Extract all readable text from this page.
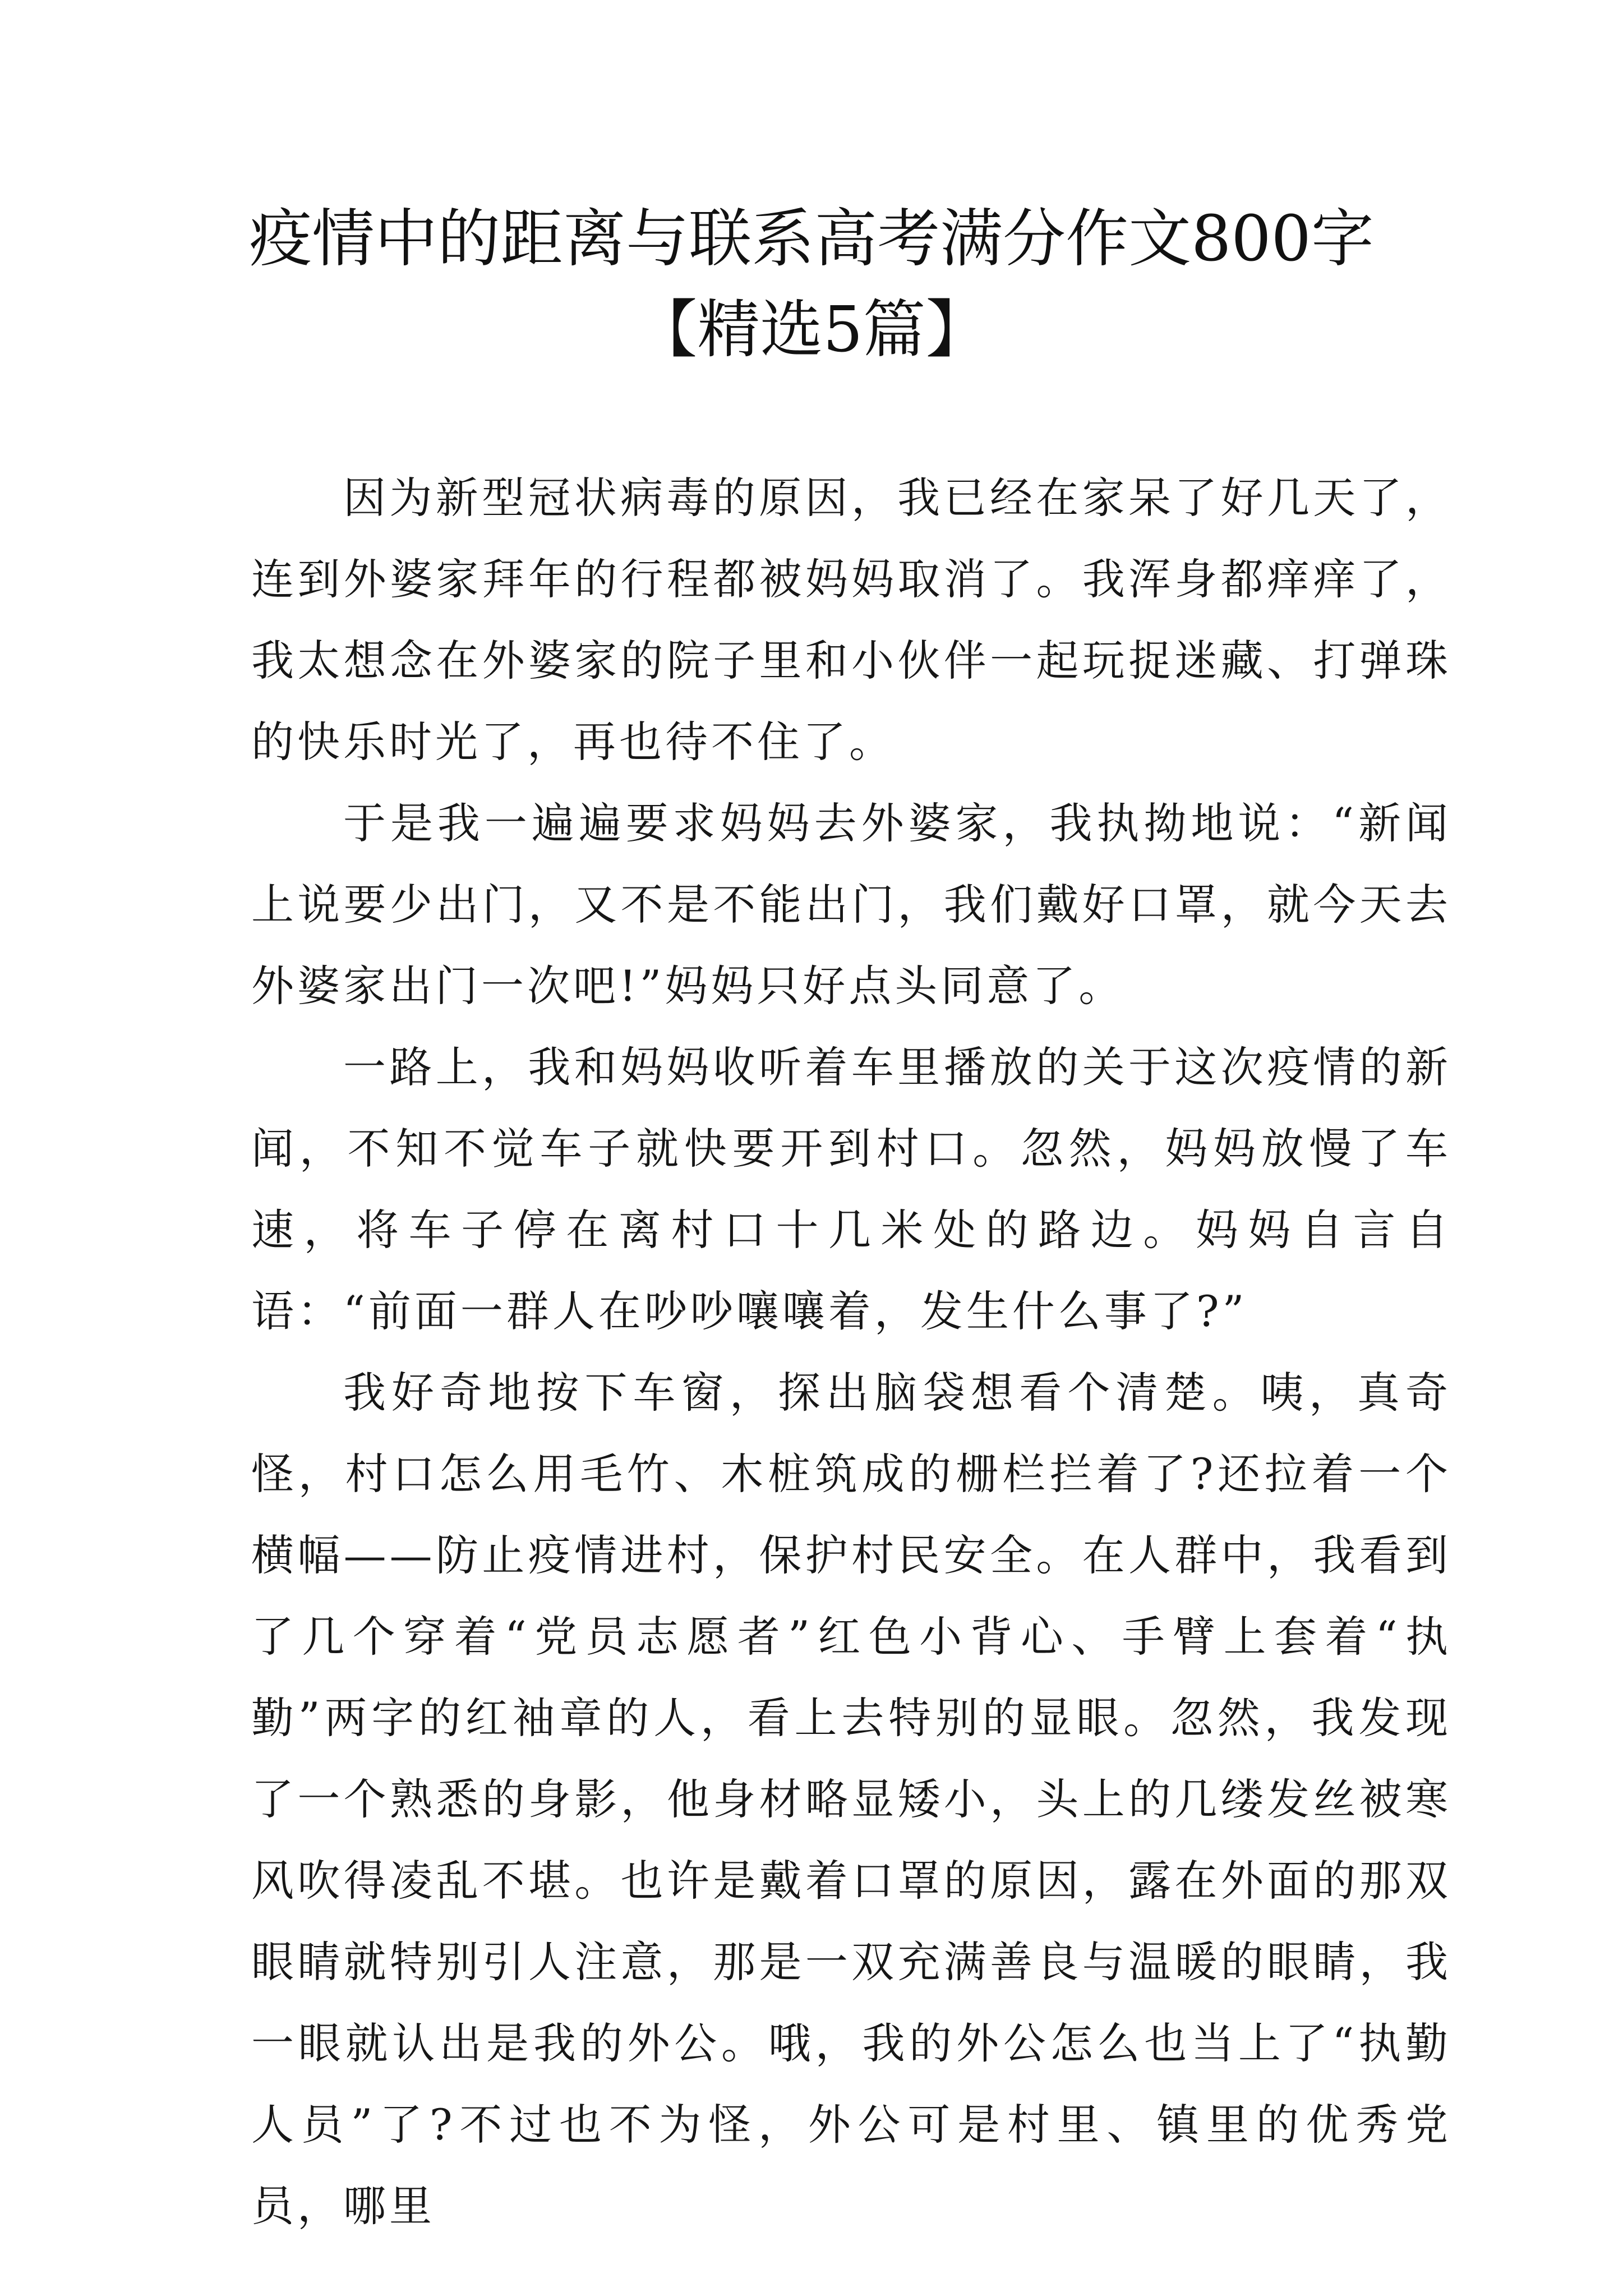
疫情中的距离与联系高考满分作文800字
【精选5篇】

因为新型冠状病毒的原因，我已经在家呆了好几天了，连到外婆家拜年的行程都被妈妈取消了。我浑身都痒痒了，我太想念在外婆家的院子里和小伙伴一起玩捉迷藏、打弹珠的快乐时光了，再也待不住了。

于是我一遍遍要求妈妈去外婆家，我执拗地说：“新闻上说要少出门，又不是不能出门，我们戴好口罩，就今天去外婆家出门一次吧!”妈妈只好点头同意了。

一路上，我和妈妈收听着车里播放的关于这次疫情的新闻，不知不觉车子就快要开到村口。忽然，妈妈放慢了车速，将车子停在离村口十几米处的路边。妈妈自言自语：“前面一群人在吵吵嚷嚷着，发生什么事了?”

我好奇地按下车窗，探出脑袋想看个清楚。咦，真奇怪，村口怎么用毛竹、木桩筑成的栅栏拦着了?还拉着一个横幅——防止疫情进村，保护村民安全。在人群中，我看到了几个穿着“党员志愿者”红色小背心、手臂上套着“执勤”两字的红袖章的人，看上去特别的显眼。忽然，我发现了一个熟悉的身影，他身材略显矮小，头上的几缕发丝被寒风吹得凌乱不堪。也许是戴着口罩的原因，露在外面的那双眼睛就特别引人注意，那是一双充满善良与温暖的眼睛，我一眼就认出是我的外公。哦，我的外公怎么也当上了“执勤人员”了?不过也不为怪，外公可是村里、镇里的优秀党员，哪里
